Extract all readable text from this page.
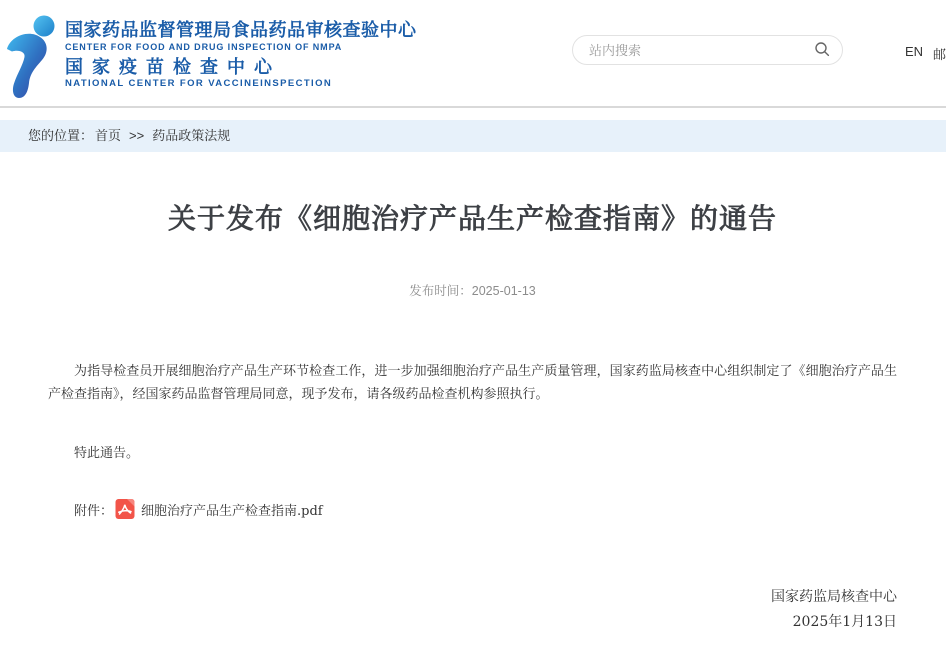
国家药品监督管理局食品药品审核查验中心
CENTER FOR FOOD AND DRUG INSPECTION OF NMPA
国 家 疫 苗 检 查 中 心
NATIONAL CENTER FOR VACCINEINSPECTION
站内搜索
EN 邮
您的位置： 首页 >> 药品政策法规
关于发布《细胞治疗产品生产检查指南》的通告
发布时间：2025-01-13

为指导检查员开展细胞治疗产品生产环节检查工作，进一步加强细胞治疗产品生产质量管理，国家药监局核查中心组织制定了《细胞治疗产品生产检查指南》，经国家药品监督管理局同意，现予发布，请各级药品检查机构参照执行。

特此通告。

附件： 细胞治疗产品生产检查指南.pdf
国家药监局核查中心
2025年1月13日
